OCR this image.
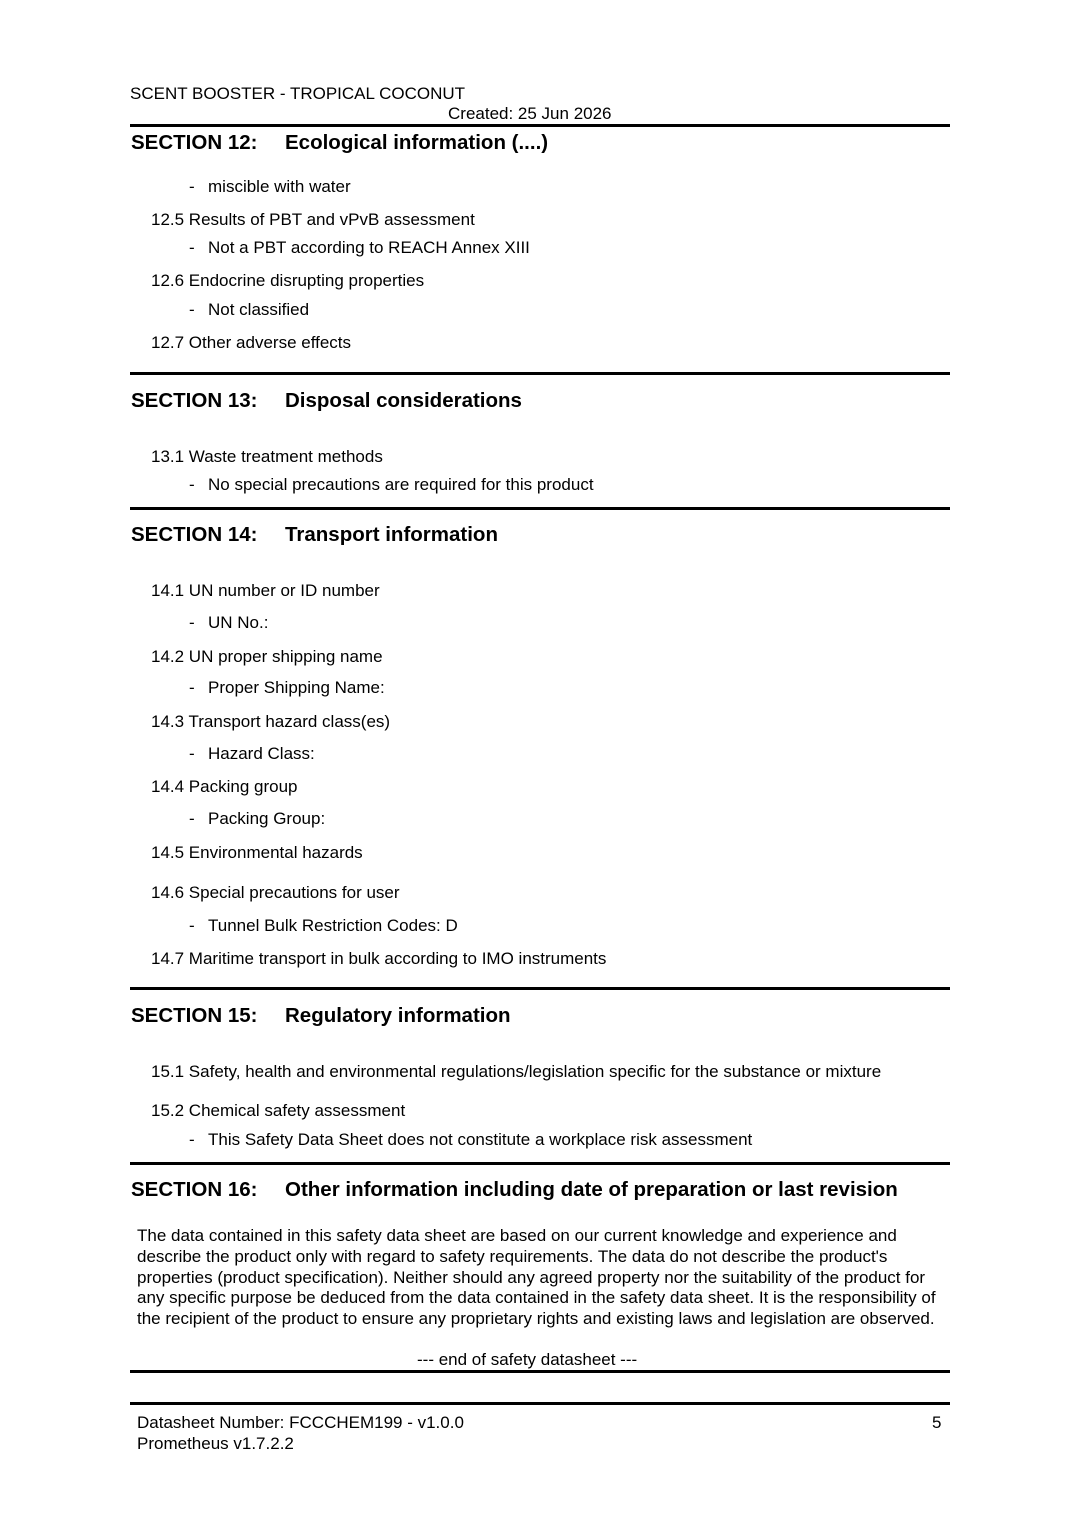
SCENT BOOSTER - TROPICAL COCONUT
Created: 25 Jun 2026
SECTION 12: Ecological information (....)
- miscible with water
12.5 Results of PBT and vPvB assessment
- Not a PBT according to REACH Annex XIII
12.6 Endocrine disrupting properties
- Not classified
12.7 Other adverse effects
SECTION 13: Disposal considerations
13.1 Waste treatment methods
- No special precautions are required for this product
SECTION 14: Transport information
14.1 UN number or ID number
- UN No.:
14.2 UN proper shipping name
- Proper Shipping Name:
14.3 Transport hazard class(es)
- Hazard Class:
14.4 Packing group
- Packing Group:
14.5 Environmental hazards
14.6 Special precautions for user
- Tunnel Bulk Restriction Codes: D
14.7 Maritime transport in bulk according to IMO instruments
SECTION 15: Regulatory information
15.1 Safety, health and environmental regulations/legislation specific for the substance or mixture
15.2 Chemical safety assessment
- This Safety Data Sheet does not constitute a workplace risk assessment
SECTION 16: Other information including date of preparation or last revision
The data contained in this safety data sheet are based on our current knowledge and experience and describe the product only with regard to safety requirements. The data do not describe the product's properties (product specification). Neither should any agreed property nor the suitability of the product for any specific purpose be deduced from the data contained in the safety data sheet. It is the responsibility of the recipient of the product to ensure any proprietary rights and existing laws and legislation are observed.
--- end of safety datasheet ---
Datasheet Number: FCCCHEM199 - v1.0.0
Prometheus v1.7.2.2
5
